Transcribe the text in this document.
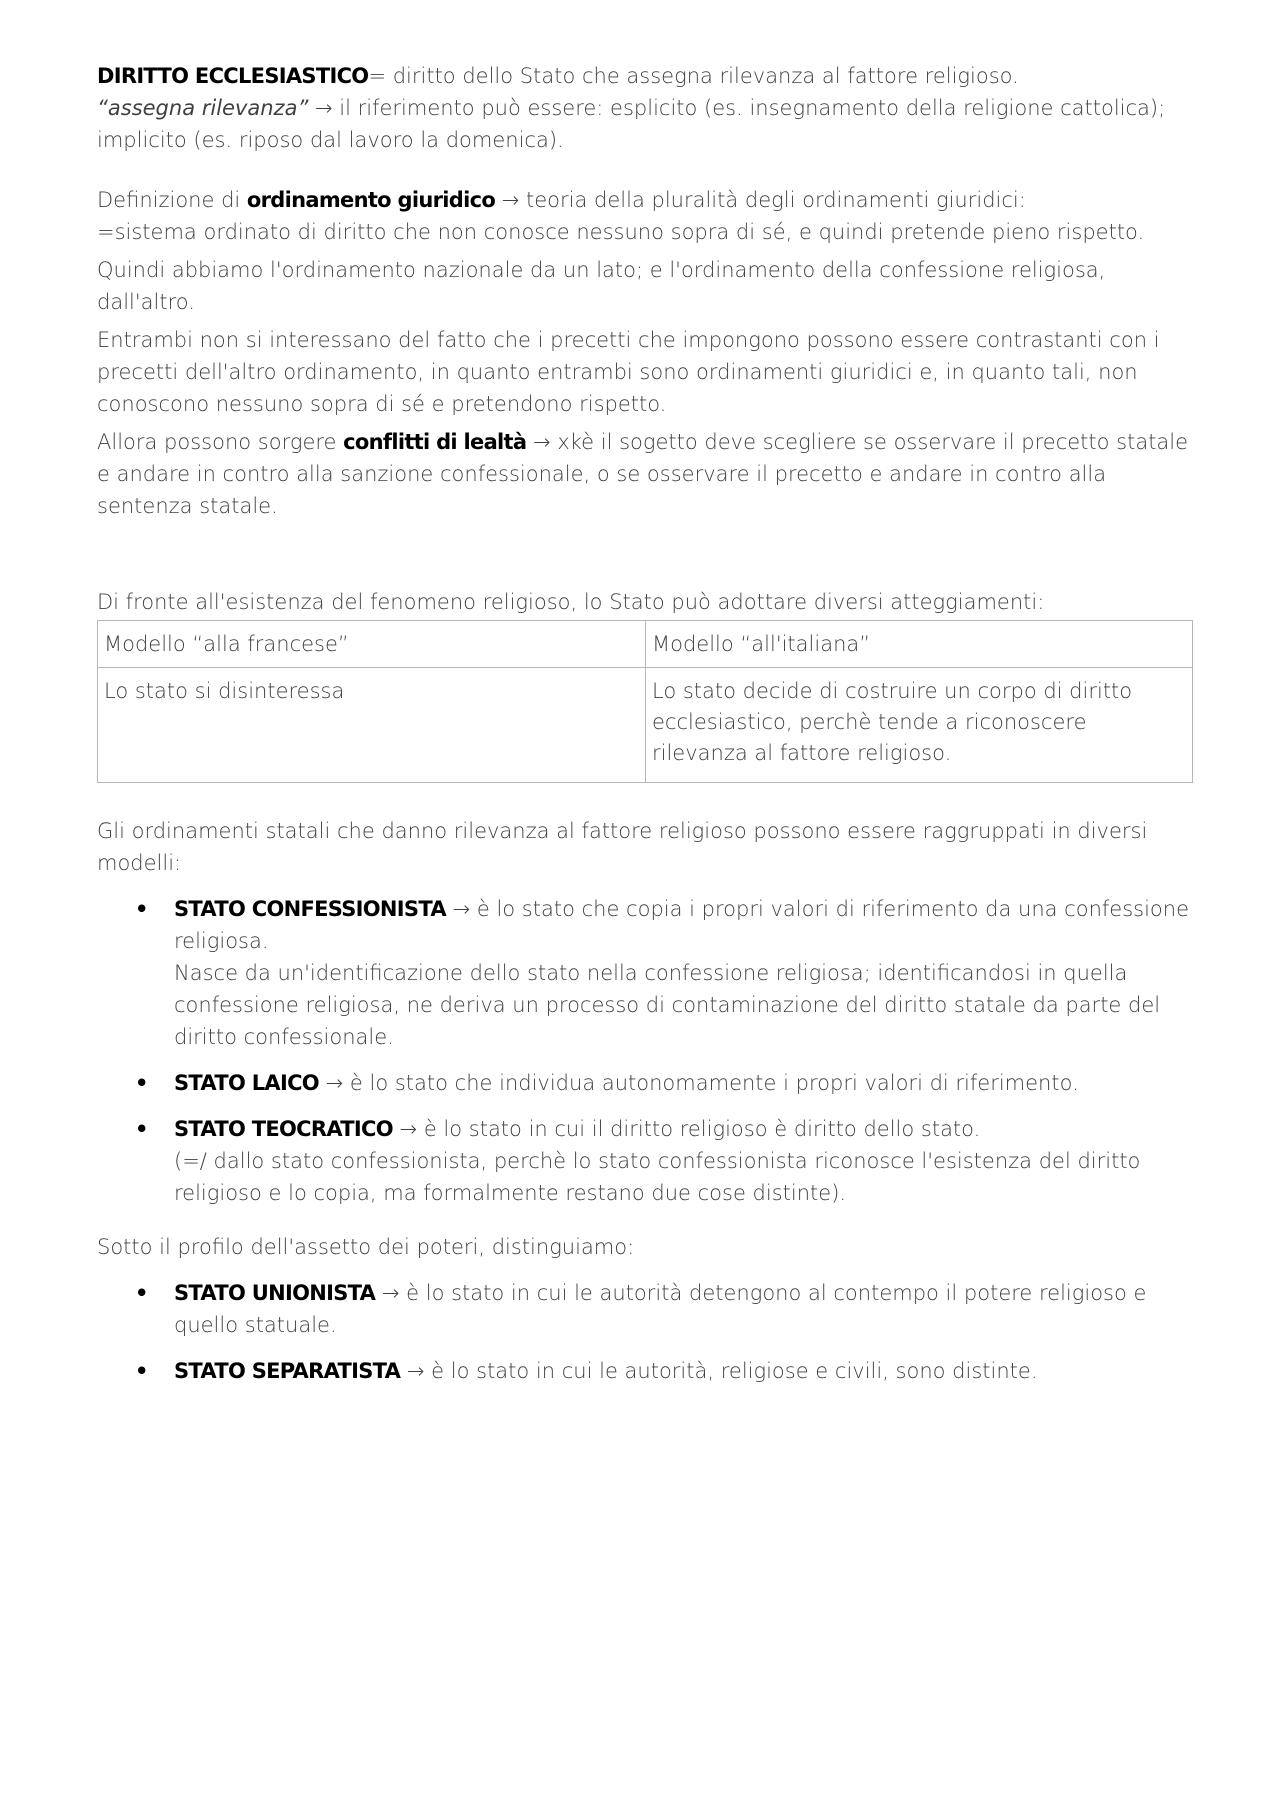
DIRITTO ECCLESIASTICO= diritto dello Stato che assegna rilevanza al fattore religioso.

“assegna rilevanza” → il riferimento può essere: esplicito (es. insegnamento della religione cattolica); implicito (es. riposo dal lavoro la domenica).

Definizione di ordinamento giuridico → teoria della pluralità degli ordinamenti giuridici:

=sistema ordinato di diritto che non conosce nessuno sopra di sé, e quindi pretende pieno rispetto.

Quindi abbiamo l'ordinamento nazionale da un lato; e l'ordinamento della confessione religiosa, dall'altro.

Entrambi non si interessano del fatto che i precetti che impongono possono essere contrastanti con i precetti dell'altro ordinamento, in quanto entrambi sono ordinamenti giuridici e, in quanto tali, non conoscono nessuno sopra di sé e pretendono rispetto.

Allora possono sorgere conflitti di lealtà → xkè il sogetto deve scegliere se osservare il precetto statale e andare in contro alla sanzione confessionale, o se osservare il precetto e andare in contro alla sentenza statale.

Di fronte all'esistenza del fenomeno religioso, lo Stato può adottare diversi atteggiamenti:

Modello “alla francese”	Modello “all'italiana”
Lo stato si disinteressa	Lo stato decide di costruire un corpo di diritto ecclesiastico, perchè tende a riconoscere rilevanza al fattore religioso.

Gli ordinamenti statali che danno rilevanza al fattore religioso possono essere raggruppati in diversi modelli:

• STATO CONFESSIONISTA → è lo stato che copia i propri valori di riferimento da una confessione religiosa.
Nasce da un'identificazione dello stato nella confessione religiosa; identificandosi in quella confessione religiosa, ne deriva un processo di contaminazione del diritto statale da parte del diritto confessionale.
• STATO LAICO → è lo stato che individua autonomamente i propri valori di riferimento.
• STATO TEOCRATICO → è lo stato in cui il diritto religioso è diritto dello stato.
(=/ dallo stato confessionista, perchè lo stato confessionista riconosce l'esistenza del diritto religioso e lo copia, ma formalmente restano due cose distinte).

Sotto il profilo dell'assetto dei poteri, distinguiamo:

• STATO UNIONISTA → è lo stato in cui le autorità detengono al contempo il potere religioso e quello statuale.
• STATO SEPARATISTA → è lo stato in cui le autorità, religiose e civili, sono distinte.
